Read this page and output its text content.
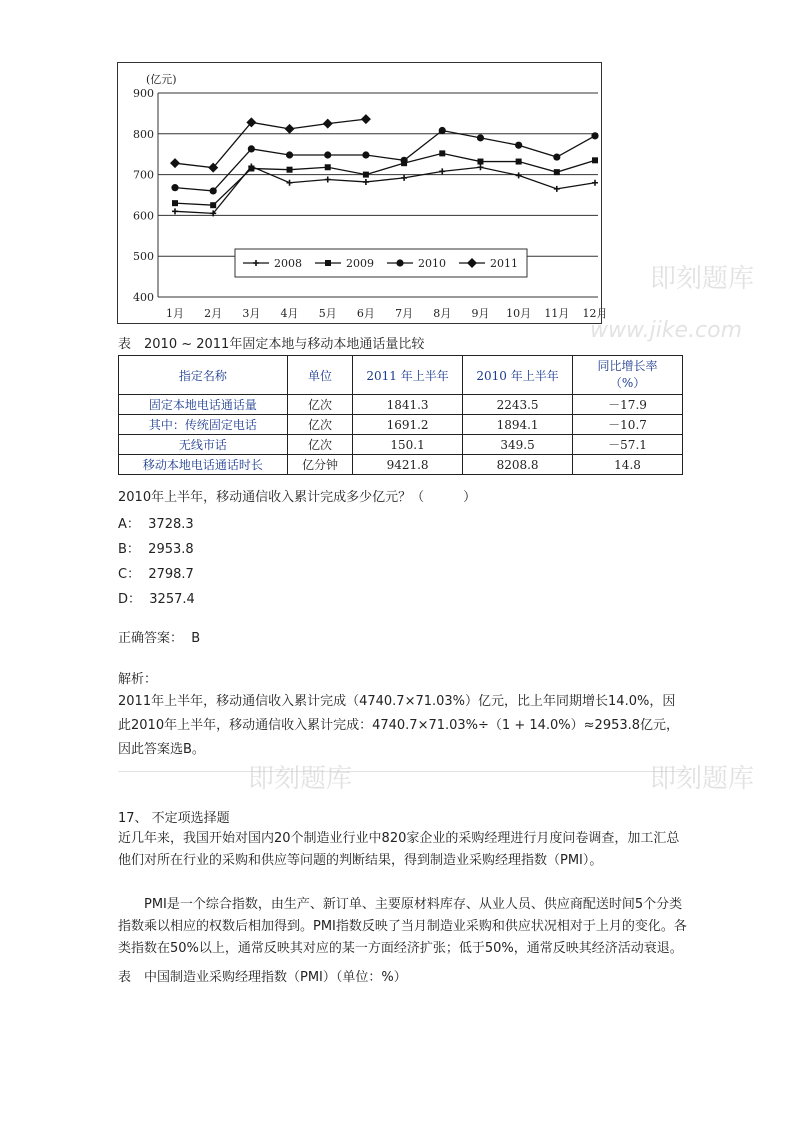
(亿元)
400
500
600
700
800
900
1月 2月 3月 4月 5月 6月 7月 8月 9月 10月 11月 12月
2008	2009	2010	2011
表　2010 ~ 2011年固定本地与移动本地通话量比较
指定名称	单位	2011 年上半年	2010 年上半年	同比增长率
（%）
固定本地电话通话量	亿次	1841.3	2243.5	－17.9
其中：传统固定电话	亿次	1691.2	1894.1	－10.7
无线市话	亿次	150.1	349.5	－57.1
移动本地电话通话时长	亿分钟	9421.8	8208.8	14.8
2010年上半年，移动通信收入累计完成多少亿元？（　　　）
A：  3728.3
B：  2953.8
C：  2798.7
D：  3257.4
正确答案：  B
解析：
2011年上半年，移动通信收入累计完成（4740.7×71.03%）亿元，比上年同期增长14.0%，因此2010年上半年，移动通信收入累计完成：4740.7×71.03%÷（1 + 14.0%）≈2953.8亿元，因此答案选B。
17、 不定项选择题
近几年来，我国开始对国内20个制造业行业中820家企业的采购经理进行月度问卷调查，加工汇总他们对所在行业的采购和供应等问题的判断结果，得到制造业采购经理指数（PMI）。
　　PMI是一个综合指数，由生产、新订单、主要原材料库存、从业人员、供应商配送时间5个分类指数乘以相应的权数后相加得到。PMI指数反映了当月制造业采购和供应状况相对于上月的变化。各类指数在50%以上，通常反映其对应的某一方面经济扩张；低于50%，通常反映其经济活动衰退。
表　中国制造业采购经理指数（PMI）（单位：%）
即刻题库
www.jike.com
即刻题库	即刻题库
